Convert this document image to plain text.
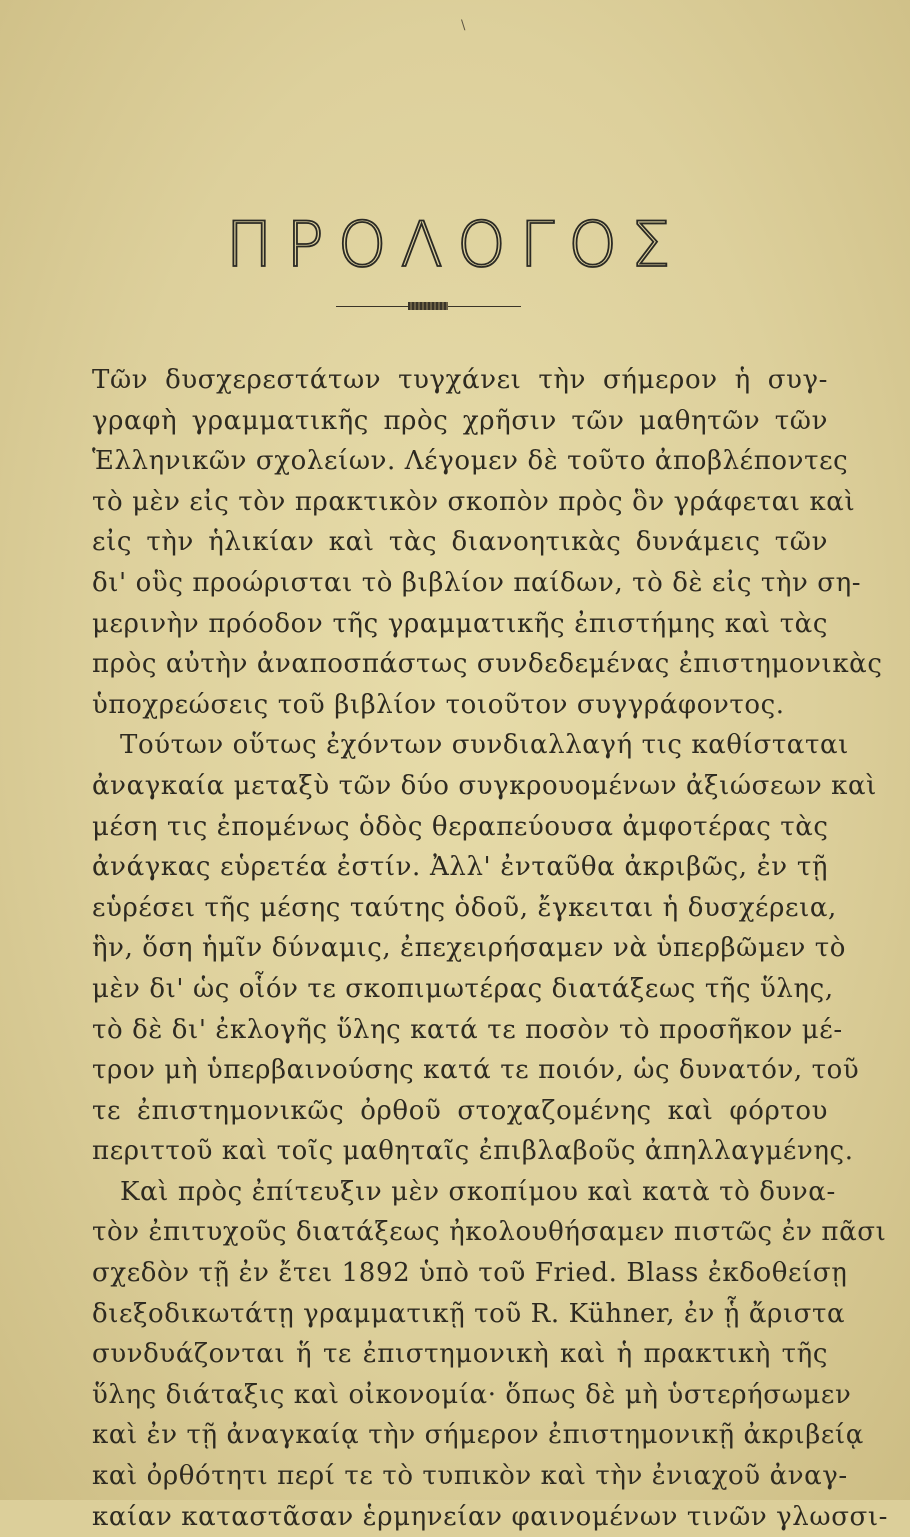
\
ΠΡΟΛΟΓΟΣ
Τῶν δυσχερεστάτων τυγχάνει τὴν σήμερον ἡ συγ-
γραφὴ γραμματικῆς πρὸς χρῆσιν τῶν μαθητῶν τῶν
Ἑλληνικῶν σχολείων. Λέγομεν δὲ τοῦτο ἀποβλέποντες
τὸ μὲν εἰς τὸν πρακτικὸν σκοπὸν πρὸς ὃν γράφεται καὶ
εἰς τὴν ἡλικίαν καὶ τὰς διανοητικὰς δυνάμεις τῶν
δι' οὓς προώρισται τὸ βιβλίον παίδων, τὸ δὲ εἰς τὴν ση-
μερινὴν πρόοδον τῆς γραμματικῆς ἐπιστήμης καὶ τὰς
πρὸς αὐτὴν ἀναποσπάστως συνδεδεμένας ἐπιστημονικὰς
ὑποχρεώσεις τοῦ βιβλίον τοιοῦτον συγγράφοντος.
Τούτων οὕτως ἐχόντων συνδιαλλαγή τις καθίσταται
ἀναγκαία μεταξὺ τῶν δύο συγκρουομένων ἀξιώσεων καὶ
μέση τις ἐπομένως ὁδὸς θεραπεύουσα ἀμφοτέρας τὰς
ἀνάγκας εὑρετέα ἐστίν. Ἀλλ' ἐνταῦθα ἀκριβῶς, ἐν τῇ
εὑρέσει τῆς μέσης ταύτης ὁδοῦ, ἔγκειται ἡ δυσχέρεια,
ἣν, ὅση ἡμῖν δύναμις, ἐπεχειρήσαμεν νὰ ὑπερβῶμεν τὸ
μὲν δι' ὡς οἷόν τε σκοπιμωτέρας διατάξεως τῆς ὕλης,
τὸ δὲ δι' ἐκλογῆς ὕλης κατά τε ποσὸν τὸ προσῆκον μέ-
τρον μὴ ὑπερβαινούσης κατά τε ποιόν, ὡς δυνατόν, τοῦ
τε ἐπιστημονικῶς ὀρθοῦ στοχαζομένης καὶ φόρτου
περιττοῦ καὶ τοῖς μαθηταῖς ἐπιβλαβοῦς ἀπηλλαγμένης.
Καὶ πρὸς ἐπίτευξιν μὲν σκοπίμου καὶ κατὰ τὸ δυνα-
τὸν ἐπιτυχοῦς διατάξεως ἠκολουθήσαμεν πιστῶς ἐν πᾶσι
σχεδὸν τῇ ἐν ἔτει 1892 ὑπὸ τοῦ Fried. Blass ἐκδοθείσῃ
διεξοδικωτάτῃ γραμματικῇ τοῦ R. Kühner, ἐν ᾗ ἄριστα
συνδυάζονται ἥ τε ἐπιστημονικὴ καὶ ἡ πρακτικὴ τῆς
ὕλης διάταξις καὶ οἰκονομία· ὅπως δὲ μὴ ὑστερήσωμεν
καὶ ἐν τῇ ἀναγκαίᾳ τὴν σήμερον ἐπιστημονικῇ ἀκριβείᾳ
καὶ ὀρθότητι περί τε τὸ τυπικὸν καὶ τὴν ἐνιαχοῦ ἀναγ-
καίαν καταστᾶσαν ἑρμηνείαν φαινομένων τινῶν γλωσσι-
